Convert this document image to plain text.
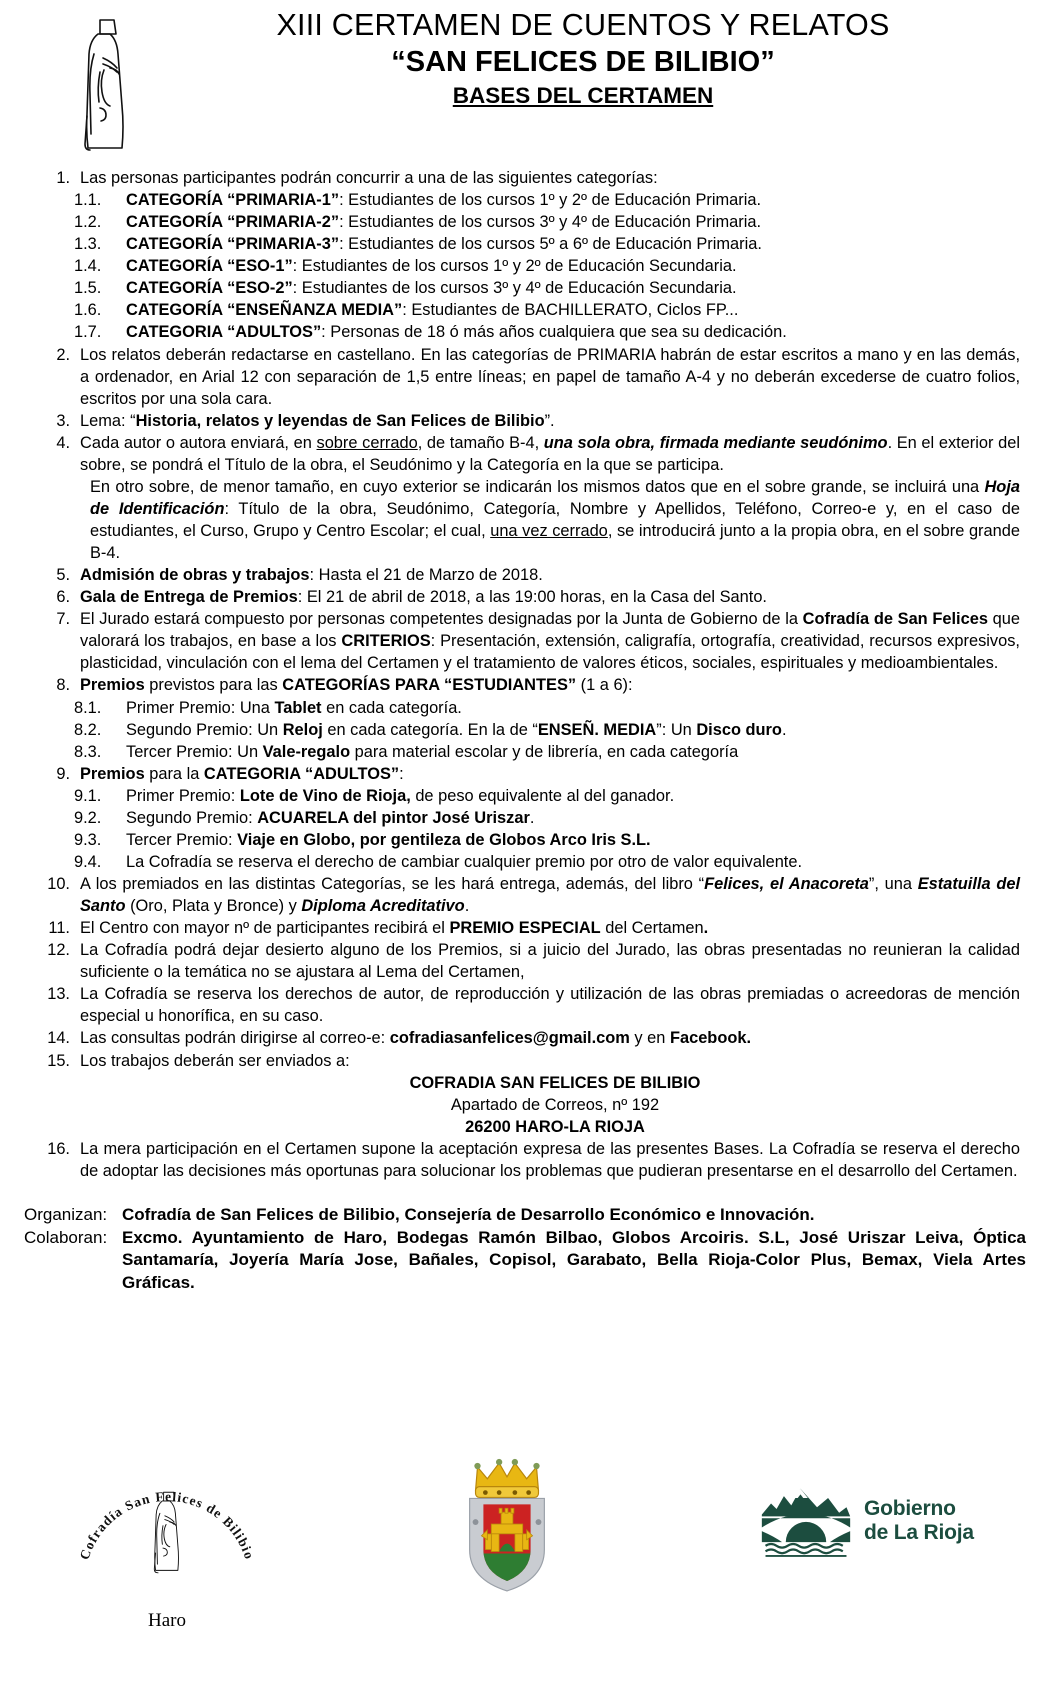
XIII CERTAMEN DE CUENTOS Y RELATOS
“SAN FELICES DE BILIBIO”
BASES DEL CERTAMEN
1. Las personas participantes podrán concurrir a una de las siguientes categorías:
1.1.	CATEGORÍA “PRIMARIA-1”: Estudiantes de los cursos 1º y 2º de Educación Primaria.
1.2.	CATEGORÍA “PRIMARIA-2”: Estudiantes de los cursos 3º y 4º de Educación Primaria.
1.3.	CATEGORÍA “PRIMARIA-3”: Estudiantes de los cursos 5º a 6º de Educación Primaria.
1.4.	CATEGORÍA “ESO-1”: Estudiantes de los cursos 1º y 2º de Educación Secundaria.
1.5.	CATEGORÍA “ESO-2”: Estudiantes de los cursos 3º y 4º de Educación Secundaria.
1.6.	CATEGORÍA “ENSEÑANZA MEDIA”: Estudiantes de BACHILLERATO, Ciclos FP...
1.7.	CATEGORIA “ADULTOS”: Personas de 18 ó más años cualquiera que sea su dedicación.
2. Los relatos deberán redactarse en castellano. En las categorías de PRIMARIA habrán de estar escritos a mano y en las demás, a ordenador, en Arial 12 con separación de 1,5 entre líneas; en papel de tamaño A-4 y no deberán excederse de cuatro folios, escritos por una sola cara.
3. Lema: “Historia, relatos y leyendas de San Felices de Bilibio”.
4. Cada autor o autora enviará, en sobre cerrado, de tamaño B-4, una sola obra, firmada mediante seudónimo. En el exterior del sobre, se pondrá el Título de la obra, el Seudónimo y la Categoría en la que se participa.
En otro sobre, de menor tamaño, en cuyo exterior se indicarán los mismos datos que en el sobre grande, se incluirá una Hoja de Identificación: Título de la obra, Seudónimo, Categoría, Nombre y Apellidos, Teléfono, Correo-e y, en el caso de estudiantes, el Curso, Grupo y Centro Escolar; el cual, una vez cerrado, se introducirá junto a la propia obra, en el sobre grande B-4.
5. Admisión de obras y trabajos: Hasta el 21 de Marzo de 2018.
6. Gala de Entrega de Premios: El 21 de abril de 2018, a las 19:00 horas, en la Casa del Santo.
7. El Jurado estará compuesto por personas competentes designadas por la Junta de Gobierno de la Cofradía de San Felices que valorará los trabajos, en base a los CRITERIOS: Presentación, extensión, caligrafía, ortografía, creatividad, recursos expresivos, plasticidad, vinculación con el lema del Certamen y el tratamiento de valores éticos, sociales, espirituales y medioambientales.
8. Premios previstos para las CATEGORÍAS PARA “ESTUDIANTES” (1 a 6):
8.1.	Primer Premio: Una Tablet en cada categoría.
8.2.	Segundo Premio: Un Reloj en cada categoría. En la de “ENSEÑ. MEDIA”: Un Disco duro.
8.3.	Tercer Premio: Un Vale-regalo para material escolar y de librería, en cada categoría
9. Premios para la CATEGORIA “ADULTOS”:
9.1.	Primer Premio: Lote de Vino de Rioja, de peso equivalente al del ganador.
9.2.	Segundo Premio: ACUARELA del pintor José Uriszar.
9.3.	Tercer Premio: Viaje en Globo, por gentileza de Globos Arco Iris S.L.
9.4.	La Cofradía se reserva el derecho de cambiar cualquier premio por otro de valor equivalente.
10. A los premiados en las distintas Categorías, se les hará entrega, además, del libro “Felices, el Anacoreta”, una Estatuilla del Santo (Oro, Plata y Bronce) y Diploma Acreditativo.
11. El Centro con mayor nº de participantes recibirá el PREMIO ESPECIAL del Certamen.
12. La Cofradía podrá dejar desierto alguno de los Premios, si a juicio del Jurado, las obras presentadas no reunieran la calidad suficiente o la temática no se ajustara al Lema del Certamen,
13. La Cofradía se reserva los derechos de autor, de reproducción y utilización de las obras premiadas o acreedoras de mención especial u honorífica, en su caso.
14. Las consultas podrán dirigirse al correo-e: cofradiasanfelices@gmail.com y en Facebook.
15. Los trabajos deberán ser enviados a:
COFRADIA SAN FELICES DE BILIBIO
Apartado de Correos, nº 192
26200 HARO-LA RIOJA
16. La mera participación en el Certamen supone la aceptación expresa de las presentes Bases. La Cofradía se reserva el derecho de adoptar las decisiones más oportunas para solucionar los problemas que pudieran presentarse en el desarrollo del Certamen.
Organizan: Cofradía de San Felices de Bilibio, Consejería de Desarrollo Económico e Innovación.
Colaboran: Excmo. Ayuntamiento de Haro, Bodegas Ramón Bilbao, Globos Arcoiris. S.L, José Uriszar Leiva, Óptica Santamaría, Joyería María Jose, Bañales, Copisol, Garabato, Bella Rioja-Color Plus, Bemax, Viela Artes Gráficas.
Cofradía San Felices de Bilibio
Haro
Gobierno
de La Rioja
